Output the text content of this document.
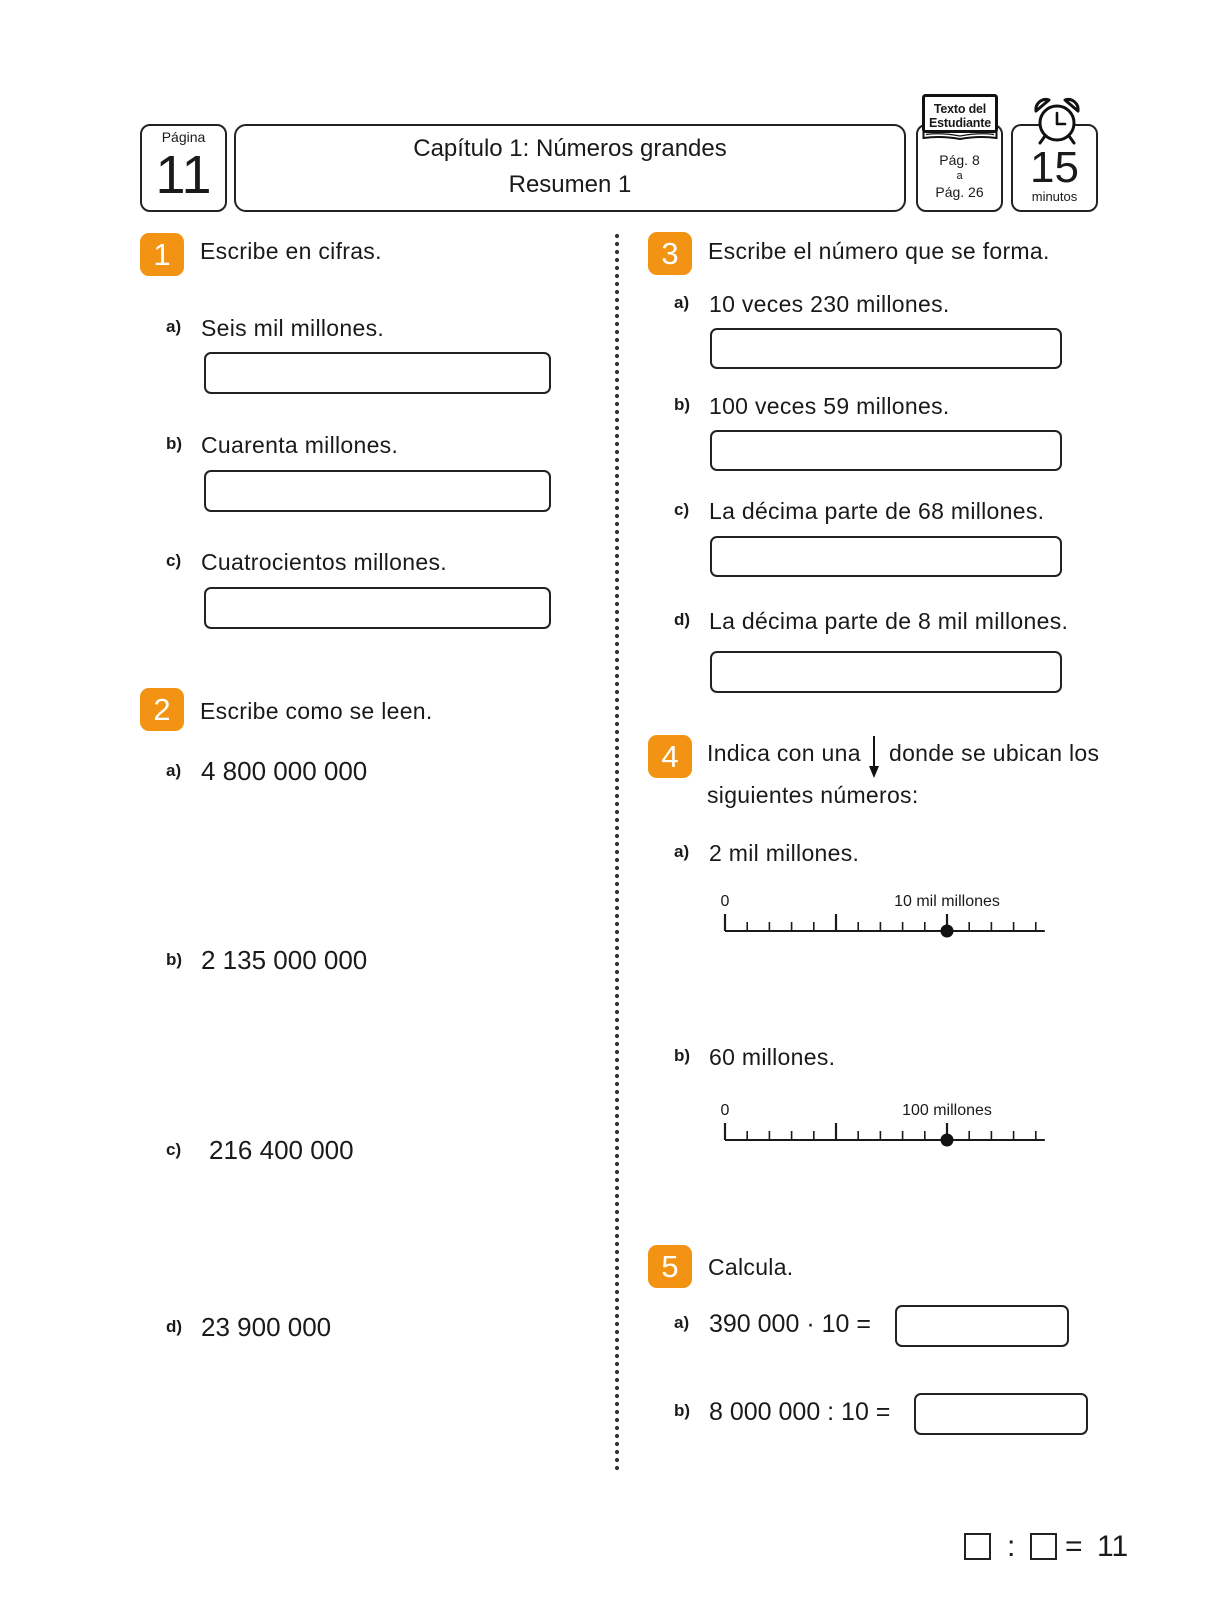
Página
11	Capítulo 1: Números grandes
Resumen 1
Pág. 8
a
Pág. 26
Texto del
Estudiante
15
minutos
1	Escribe en cifras.
a) Seis mil millones.
b) Cuarenta millones.
c) Cuatrocientos millones.
2	Escribe como se leen.
a) 4 800 000 000
b) 2 135 000 000
c)	216 400 000
d) 23 900 000
3	Escribe el número que se forma.
a) 10 veces 230 millones.
b) 100 veces 59 millones.
c) La décima parte de 68 millones.
d) La décima parte de 8 mil millones.
4	Indica con una donde se ubican los
siguientes números:
a) 2 mil millones.
0	10 mil millones
b) 60 millones.
0	100 millones
5	Calcula.
a) 390 000 · 10 =
b) 8 000 000 : 10 =
: = 11
